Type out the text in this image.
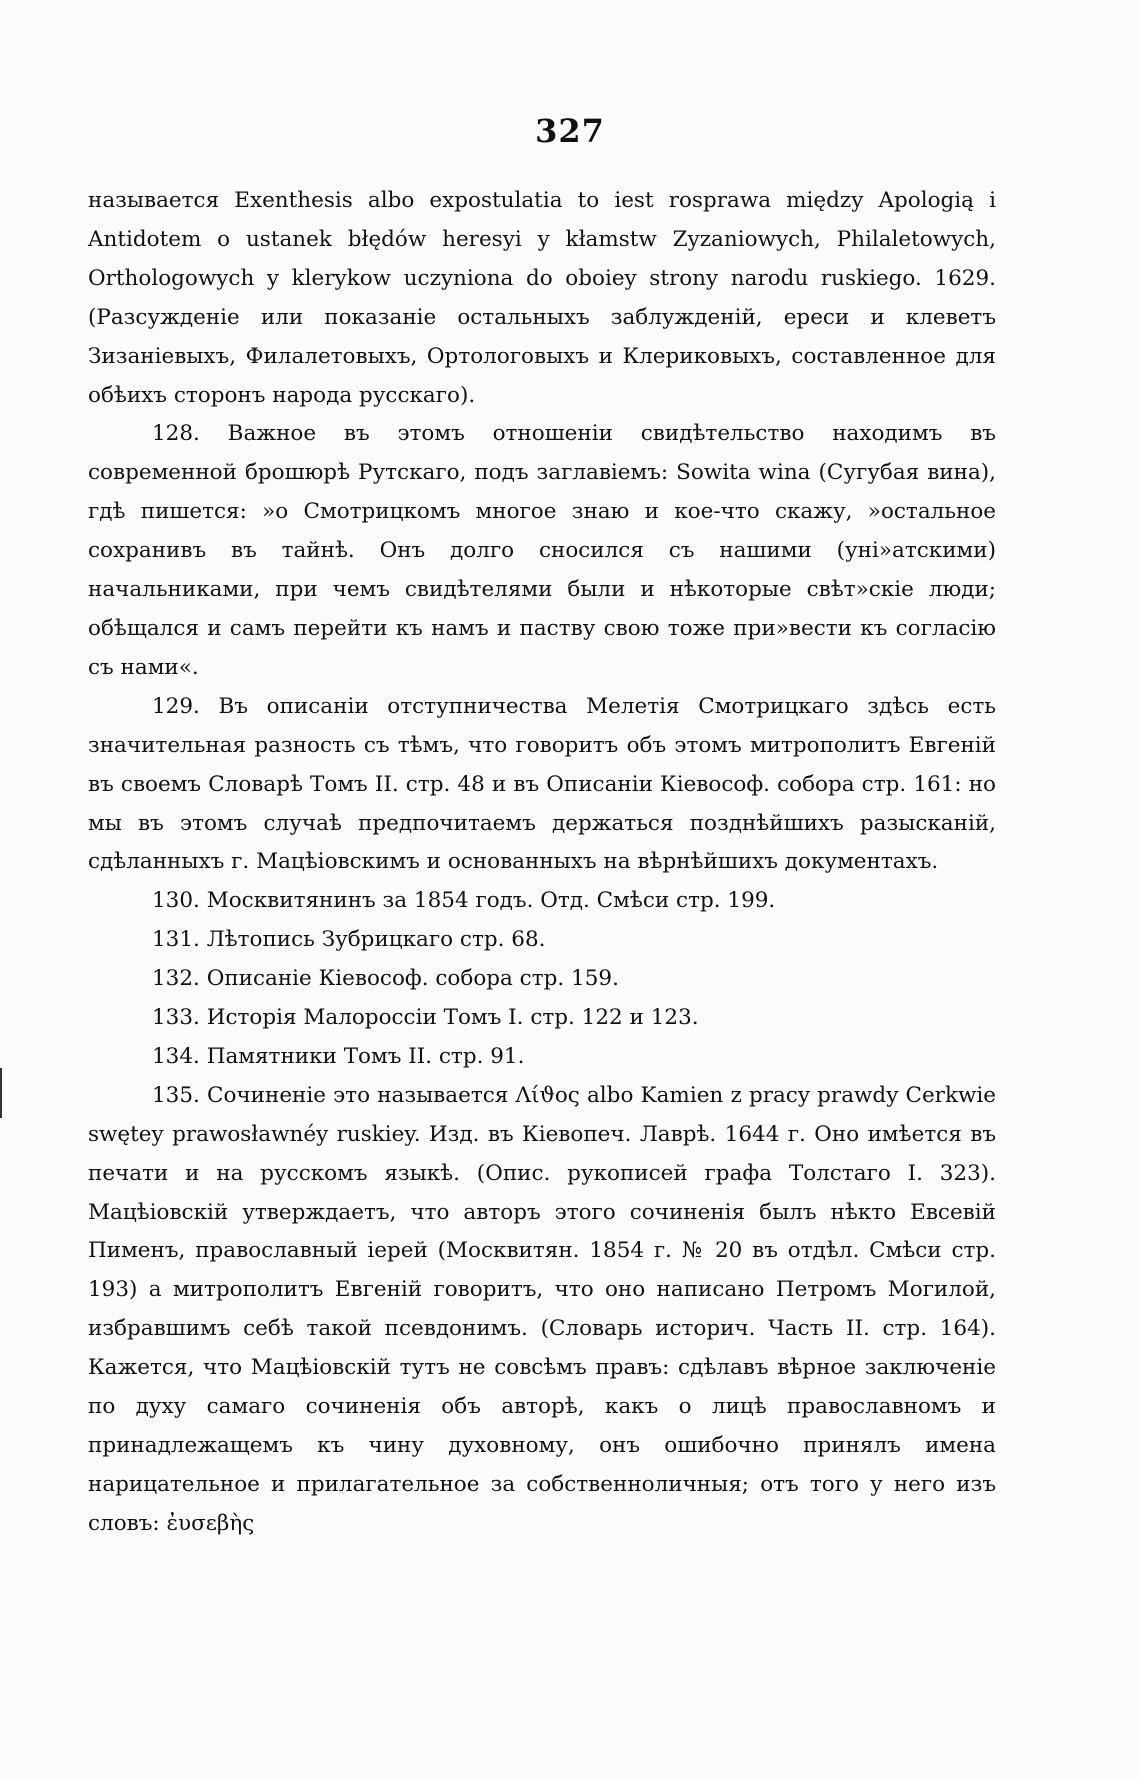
327

называется Exenthesis albo expostulatia to iest rosprawa między Apologią i Antidotem o ustanek błędów heresyi y kłamstw Zyzaniowych, Philaletowych, Orthologowych y klerykow uczyniona do oboiey strony narodu ruskiego. 1629. (Разсужденіе или показаніе остальныхъ заблужденій, ереси и клеветъ Зизаніевыхъ, Филалетовыхъ, Ортологовыхъ и Клериковыхъ, составленное для обѣихъ сторонъ народа русскаго).

128. Важное въ этомъ отношеніи свидѣтельство находимъ въ современной брошюрѣ Рутскаго, подъ заглавіемъ: Sowita wina (Сугубая вина), гдѣ пишется: »о Смотрицкомъ многое знаю и кое-что скажу, »остальное сохранивъ въ тайнѣ. Онъ долго сносился съ нашими (уні»атскими) начальниками, при чемъ свидѣтелями были и нѣкоторые свѣт»скіе люди; обѣщался и самъ перейти къ намъ и паству свою тоже при»вести къ согласію съ нами«.

129. Въ описаніи отступничества Мелетія Смотрицкаго здѣсь есть значительная разность съ тѣмъ, что говоритъ объ этомъ митрополитъ Евгеній въ своемъ Словарѣ Томъ II. стр. 48 и въ Описаніи Кіевософ. собора стр. 161: но мы въ этомъ случаѣ предпочитаемъ держаться позднѣйшихъ разысканій, сдѣланныхъ г. Мацѣіовскимъ и основанныхъ на вѣрнѣйшихъ документахъ.

130. Москвитянинъ за 1854 годъ. Отд. Смѣси стр. 199.

131. Лѣтопись Зубрицкаго стр. 68.

132. Описаніе Кіевософ. собора стр. 159.

133. Исторія Малороссіи Томъ I. стр. 122 и 123.

134. Памятники Томъ II. стр. 91.

135. Сочиненіе это называется Λίϑος albo Kamien z pracy prawdy Cerkwie swętey prawosławnéy ruskiey. Изд. въ Кіевопеч. Лаврѣ. 1644 г. Оно имѣется въ печати и на русскомъ языкѣ. (Опис. рукописей графа Толстаго I. 323). Мацѣіовскій утверждаетъ, что авторъ этого сочиненія былъ нѣкто Евсевій Пименъ, православный іерей (Москвитян. 1854 г. № 20 въ отдѣл. Смѣси стр. 193) а митрополитъ Евгеній говоритъ, что оно написано Петромъ Могилой, избравшимъ себѣ такой псевдонимъ. (Словарь историч. Часть II. стр. 164). Кажется, что Мацѣіовскій тутъ не совсѣмъ правъ: сдѣлавъ вѣрное заключеніе по духу самаго сочиненія объ авторѣ, какъ о лицѣ православномъ и принадлежащемъ къ чину духовному, онъ ошибочно принялъ имена нарицательное и прилагательное за собственноличныя; отъ того у него изъ словъ: ἐυσεβὴς
